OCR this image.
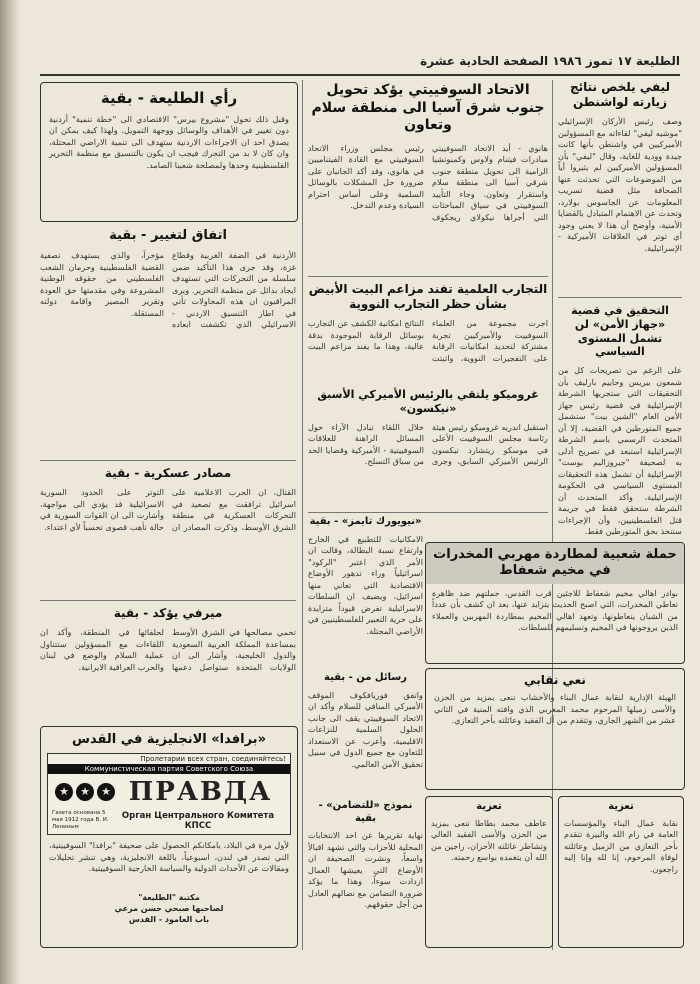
الطليعة ١٧ تموز ١٩٨٦ الصفحة الحادية عشرة
ليفي يلخص نتائج زيارته لواشنطن
وصف رئيس الأركان الإسرائيلي "موشيه ليفي" لقاءاته مع المسؤولين الأميركيين في واشنطن بأنها كانت جيدة وودية للغاية، وقال "ليفي" بأن المسؤولين الأميركيين لم يثيروا أياً من الموضوعات التي تحدثت عنها الصحافة مثل قضية تسريب المعلومات عن الجاسوس بولارد، وتحدث عن الاهتمام المتبادل بالقضايا الأمنية، وأوضح أن هذا لا يعني وجود أي توتر في العلاقات الأميركية - الإسرائيلية.
التحقيق في قضية «جهاز الأمن» لن تشمل المستوى السياسي
على الرغم من تصريحات كل من شمعون بيريس وحاييم بارليف بأن التحقيقات التي ستجريها الشرطة الإسرائيلية في قضية رئيس جهاز الأمن العام "الشين بيت" ستشمل جميع المتورطين في القضية، إلا أن المتحدث الرسمي باسم الشرطة الإسرائيلية استبعد في تصريح أدلى به لصحيفة "جيروزاليم بوست" الإسرائيلية أن تشمل هذه التحقيقات المستوى السياسي في الحكومة الإسرائيلية، وأكد المتحدث أن الشرطة ستحقق فقط في جريمة قتل الفلسطينيين، وأن الإجراءات ستتخذ بحق المتورطين فقط.
حملة شعبية لمطاردة مهربي المخدرات في مخيم شعفاط
بوادر اهالي مخيم شعفاط للاجئين قرب القدس، حملتهم ضد ظاهرة تعاطي المخدرات، التي اصبح الحديث يتزايد عنها، بعد ان كشف بأن عدداً من الشبان يتعاطونها، وتعهد اهالي المخيم بمطاردة المهربين والعملاء الذين يروجونها في المخيم وتسليمهم للسلطات.
نعي نقابي
الهيئة الإدارية لنقابة عمال البناء والأخشاب تنعى بمزيد من الحزن والأسى زميلها المرحوم محمد المغربي الذي وافته المنية في الثاني عشر من الشهر الجاري، وتتقدم من آل الفقيد وعائلته بأحر التعازي.
تعزية
نقابة عمال البناء والمؤسسات العامة في رام الله والبيرة تتقدم بأحر التعازي من الزميل وعائلته لوفاة المرحوم، إنا لله وإنا إليه راجعون.
تعزية
عاطف محمد بطاطا تنعى بمزيد من الحزن والأسى الفقيد الغالي وتشاطر عائلته الأحزان، راجين من الله أن يتغمده بواسع رحمته.
الاتحاد السوفييتي يؤكد تحويل جنوب شرق آسيا الى منطقة سلام وتعاون
هانوي - أيد الاتحاد السوفييتي مبادرات فيتنام ولاوس وكمبوتشيا الرامية الى تحويل منطقة جنوب شرقي آسيا الى منطقة سلام واستقرار وتعاون. وجاء التأييد السوفييتي في سياق المباحثات التي أجراها نيكولاي ريجكوف رئيس مجلس وزراء الاتحاد السوفييتي مع القادة الفيتناميين في هانوي، وقد أكد الجانبان على ضرورة حل المشكلات بالوسائل السلمية وعلى أساس احترام السيادة وعدم التدخل.
التجارب العلمية تفند مزاعم البيت الأبيض بشأن حظر التجارب النووية
اجرت مجموعة من العلماء السوفييت والأميركيين تجربة مشتركة لتحديد امكانيات الرقابة على التفجيرات النووية، واثبتت النتائج امكانية الكشف عن التجارب بوسائل الرقابة الموجودة بدقة عالية، وهذا ما يفند مزاعم البيت
غروميكو يلتقي بالرئيس الأميركي الأسبق «نيكسون»
استقبل اندريه غروميكو رئيس هيئة رئاسة مجلس السوفييت الأعلى في موسكو ريتشارد نيكسون الرئيس الأميركي السابق، وجرى خلال اللقاء تبادل الآراء حول المسائل الراهنة للعلاقات السوفييتية - الأميركية وقضايا الحد من سباق التسلح.
«نيويورك تايمز» - بقية
الامكانيات للتطبيع في الخارج وارتفاع نسبة البطالة، وقالت ان الأمر الذي اعتبر "الركود" اسرائيلياً وراء تدهور الأوضاع الاقتصادية التي تعاني منها اسرائيل، ويضيف ان السلطات الاسرائيلية تفرض قيوداً متزايدة على حرية التعبير للفلسطينيين في الأراضي المحتلة.
رسائل من - بقية
واتفق فوريافكوف الموقف الأميركي المنافي للسلام وأكد ان الاتحاد السوفييتي يقف الى جانب الحلول السلمية للنزاعات الاقليمية، وأعرب عن الاستعداد للتعاون مع جميع الدول في سبيل تحقيق الأمن العالمي.
نموذج «للتضامن» - بقية
نهاية تقريرها عن احد الانتخابات المحلية للأحزاب والتي تشهد اقبالاً واسعاً، ونشرت الصحيفة ان الأوضاع التي يعيشها العمال ازدادت سوءاً، وهذا ما يؤكد ضرورة التضامن مع نضالهم العادل من أجل حقوقهم.
رأي الطليعة - بقية
وقبل ذلك تحول "مشروع بيرس" الاقتصادي الى "خطة تنمية" أردنية دون تغيير في الأهداف والوسائل ووجهة التمويل. ولهذا كيف يمكن ان يصدق احد ان الاجراءات الاردنية ستهدف الى تنمية الاراضي المحتلة، وان كان لا بد من التحرك فيجب ان يكون بالتنسيق مع منظمة التحرير الفلسطينية وحدها ولمصلحة شعبنا الصامد.
اتفاق لتغيير - بقية
الأردنية في الضفة الغربية وقطاع غزة، وقد جرى هذا التأكيد ضمن سلسلة من التحركات التي تستهدف ايجاد بدائل عن منظمة التحرير. ويرى المراقبون ان هذه المحاولات تأتي في اطار التنسيق الاردني - الاسرائيلي الذي تكشفت ابعاده مؤخراً، والذي يستهدف تصفية القضية الفلسطينية وحرمان الشعب الفلسطيني من حقوقه الوطنية المشروعة وفي مقدمتها حق العودة وتقرير المصير واقامة دولته المستقلة.
مصادر عسكرية - بقية
القتال، ان الحرب الاعلامية على اسرائيل ترافقت مع تصعيد في التحركات العسكرية في منطقة الشرق الأوسط، وذكرت المصادر ان التوتر على الحدود السورية الاسرائيلية قد يؤدي الى مواجهة، وأشارت الى ان القوات السورية في حالة تأهب قصوى تحسباً لأي اعتداء.
ميرفي يؤكد - بقية
تحمي مصالحها في الشرق الأوسط بمساعدة المملكة العربية السعودية والدول الخليجية، وأشار الى ان الولايات المتحدة ستواصل دعمها لحلفائها في المنطقة، وأكد ان اللقاءات مع المسؤولين ستتناول عملية السلام والوضع في لبنان والحرب العراقية الايرانية.
«برافدا» الانجليزية في القدس
Пролетарии всех стран, соединяйтесь!
Коммунистическая партия Советского Союза
★	★	★ ПРАВДА
Газета основана 5 мая 1912 года В. И. Лениным
Орган Центрального Комитета КПСС
لأول مرة في البلاد، بامكانكم الحصول على صحيفة "برافدا" السوفييتية، التي تصدر في لندن، اسبوعياً، باللغة الانجليزية، وهي تنشر تحليلات ومقالات عن الأحداث الدولية والسياسة الخارجية السوفييتية.
مكتبة "الطليعة"
لصاحبها صبحي حسن مرعي
باب العامود - القدس
